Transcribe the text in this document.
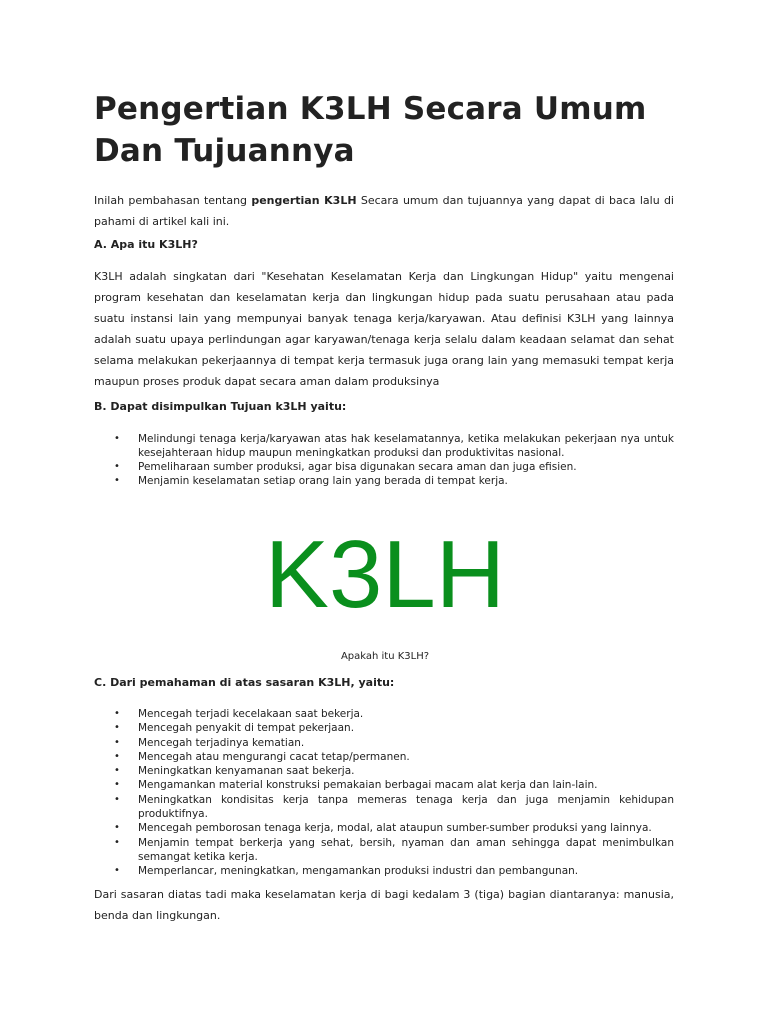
Pengertian K3LH Secara Umum Dan Tujuannya

Inilah pembahasan tentang pengertian K3LH Secara umum dan tujuannya yang dapat di baca lalu di pahami di artikel kali ini.

A. Apa itu K3LH?

K3LH adalah singkatan dari "Kesehatan Keselamatan Kerja dan Lingkungan Hidup" yaitu mengenai program kesehatan dan keselamatan kerja dan lingkungan hidup pada suatu perusahaan atau pada suatu instansi lain yang mempunyai banyak tenaga kerja/karyawan. Atau definisi K3LH yang lainnya adalah suatu upaya perlindungan agar karyawan/tenaga kerja selalu dalam keadaan selamat dan sehat selama melakukan pekerjaannya di tempat kerja termasuk juga orang lain yang memasuki tempat kerja maupun proses produk dapat secara aman dalam produksinya

B. Dapat disimpulkan Tujuan k3LH yaitu:

• Melindungi tenaga kerja/karyawan atas hak keselamatannya, ketika melakukan pekerjaan nya untuk kesejahteraan hidup maupun meningkatkan produksi dan produktivitas nasional.
• Pemeliharaan sumber produksi, agar bisa digunakan secara aman dan juga efisien.
• Menjamin keselamatan setiap orang lain yang berada di tempat kerja.
K3LH
Apakah itu K3LH?

C. Dari pemahaman di atas sasaran K3LH, yaitu:

• Mencegah terjadi kecelakaan saat bekerja.
• Mencegah penyakit di tempat pekerjaan.
• Mencegah terjadinya kematian.
• Mencegah atau mengurangi cacat tetap/permanen.
• Meningkatkan kenyamanan saat bekerja.
• Mengamankan material konstruksi pemakaian berbagai macam alat kerja dan lain-lain.
• Meningkatkan kondisitas kerja tanpa memeras tenaga kerja dan juga menjamin kehidupan produktifnya.
• Mencegah pemborosan tenaga kerja, modal, alat ataupun sumber-sumber produksi yang lainnya.
• Menjamin tempat berkerja yang sehat, bersih, nyaman dan aman sehingga dapat menimbulkan semangat ketika kerja.
• Memperlancar, meningkatkan, mengamankan produksi industri dan pembangunan.

Dari sasaran diatas tadi maka keselamatan kerja di bagi kedalam 3 (tiga) bagian diantaranya: manusia, benda dan lingkungan.
